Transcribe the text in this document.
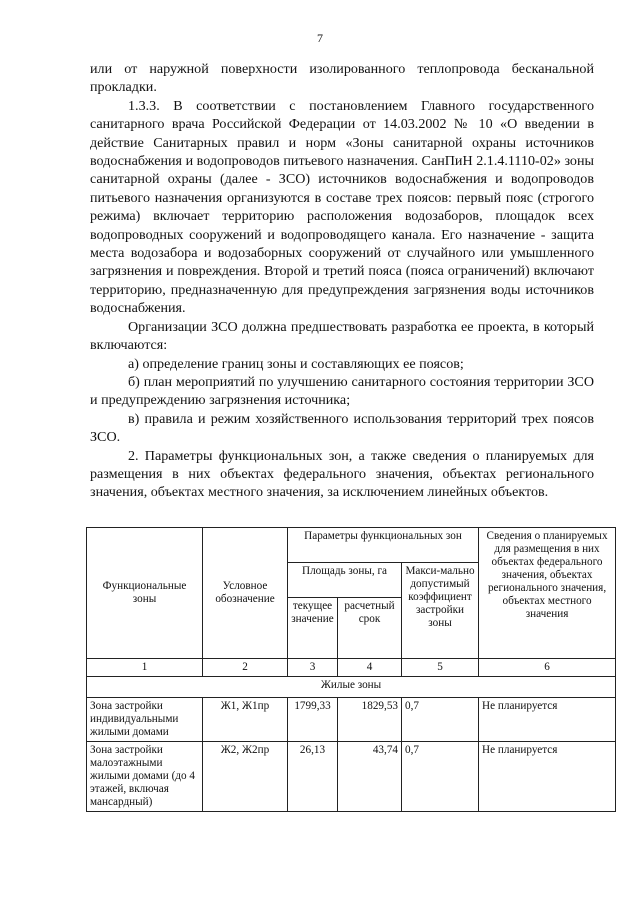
7

или от наружной поверхности изолированного теплопровода бесканальной прокладки.

1.3.3. В соответствии с постановлением Главного государственного санитарного врача Российской Федерации от 14.03.2002 № 10 «О введении в действие Санитарных правил и норм «Зоны санитарной охраны источников водоснабжения и водопроводов питьевого назначения. СанПиН 2.1.4.1110-02» зоны санитарной охраны (далее - ЗСО) источников водоснабжения и водопроводов питьевого назначения организуются в составе трех поясов: первый пояс (строгого режима) включает территорию расположения водозаборов, площадок всех водопроводных сооружений и водопроводящего канала. Его назначение - защита места водозабора и водозаборных сооружений от случайного или умышленного загрязнения и повреждения. Второй и третий пояса (пояса ограничений) включают территорию, предназначенную для предупреждения загрязнения воды источников водоснабжения.

Организации ЗСО должна предшествовать разработка ее проекта, в который включаются:

а) определение границ зоны и составляющих ее поясов;

б) план мероприятий по улучшению санитарного состояния территории ЗСО и предупреждению загрязнения источника;

в) правила и режим хозяйственного использования территорий трех поясов ЗСО.

2. Параметры функциональных зон, а также сведения о планируемых для размещения в них объектах федерального значения, объектах регионального значения, объектах местного значения, за исключением линейных объектов.

Функциональные зоны	Условное обозначение	Параметры функциональных зон			Сведения о планируемых для размещения в них объектах федерального значения, объектах регионального значения, объектах местного значения
		Площадь зоны, га		Макси-мально допустимый коэффициент застройки зоны	
		текущее значение	расчетный срок		
1	2	3	4	5	6
Жилые зоны					
Зона застройки индивидуальными жилыми домами	Ж1, Ж1пр	1799,33	1829,53	0,7	Не планируется
Зона застройки малоэтажными жилыми домами (до 4 этажей, включая мансардный)	Ж2, Ж2пр	26,13	43,74	0,7	Не планируется
